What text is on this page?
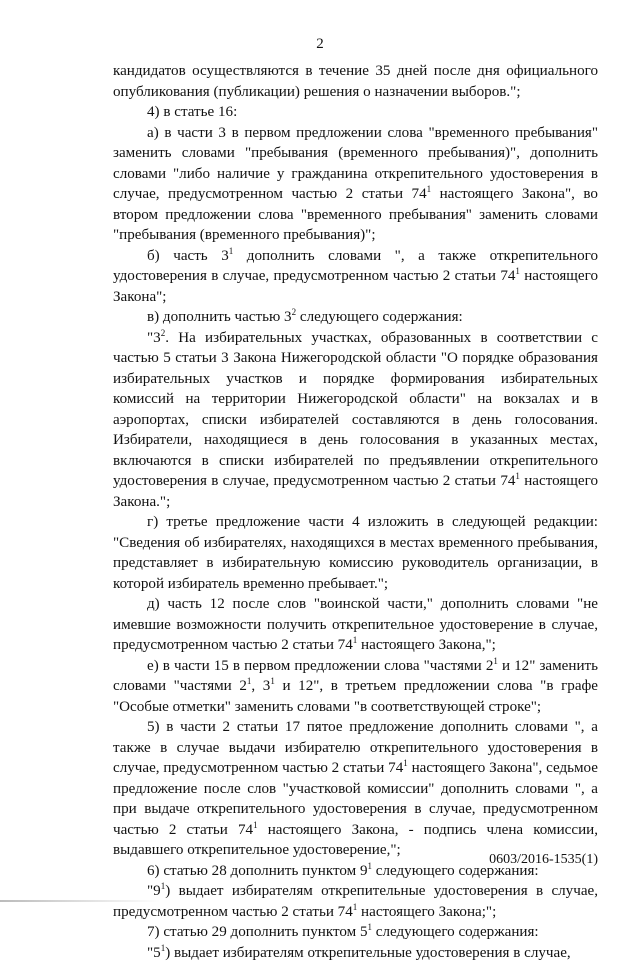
2

кандидатов осуществляются в течение 35 дней после дня официального опубликования (публикации) решения о назначении выборов.";

4) в статье 16:

а) в части 3 в первом предложении слова "временного пребывания" заменить словами "пребывания (временного пребывания)", дополнить словами "либо наличие у гражданина открепительного удостоверения в случае, предусмотренном частью 2 статьи $74^1$ настоящего Закона", во втором предложении слова "временного пребывания" заменить словами "пребывания (временного пребывания)";

б) часть $3^1$ дополнить словами ", а также открепительного удостоверения в случае, предусмотренном частью 2 статьи $74^1$ настоящего Закона";

в) дополнить частью $3^2$ следующего содержания:

"$3^2$. На избирательных участках, образованных в соответствии с частью 5 статьи 3 Закона Нижегородской области "О порядке образования избирательных участков и порядке формирования избирательных комиссий на территории Нижегородской области" на вокзалах и в аэропортах, списки избирателей составляются в день голосования. Избиратели, находящиеся в день голосования в указанных местах, включаются в списки избирателей по предъявлении открепительного удостоверения в случае, предусмотренном частью 2 статьи $74^1$ настоящего Закона.";

г) третье предложение части 4 изложить в следующей редакции: "Сведения об избирателях, находящихся в местах временного пребывания, представляет в избирательную комиссию руководитель организации, в которой избиратель временно пребывает.";

д) часть 12 после слов "воинской части," дополнить словами "не имевшие возможности получить открепительное удостоверение в случае, предусмотренном частью 2 статьи $74^1$ настоящего Закона,";

е) в части 15 в первом предложении слова "частями $2^1$ и 12" заменить словами "частями $2^1$, $3^1$ и 12", в третьем предложении слова "в графе "Особые отметки" заменить словами "в соответствующей строке";

5) в части 2 статьи 17 пятое предложение дополнить словами ", а также в случае выдачи избирателю открепительного удостоверения в случае, предусмотренном частью 2 статьи $74^1$ настоящего Закона", седьмое предложение после слов "участковой комиссии" дополнить словами ", а при выдаче открепительного удостоверения в случае, предусмотренном частью 2 статьи $74^1$ настоящего Закона, - подпись члена комиссии, выдавшего открепительное удостоверение,";

6) статью 28 дополнить пунктом $9^1$ следующего содержания:

"$9^1$) выдает избирателям открепительные удостоверения в случае, предусмотренном частью 2 статьи $74^1$ настоящего Закона;";

7) статью 29 дополнить пунктом $5^1$ следующего содержания:

"$5^1$) выдает избирателям открепительные удостоверения в случае,

0603/2016-1535(1)
